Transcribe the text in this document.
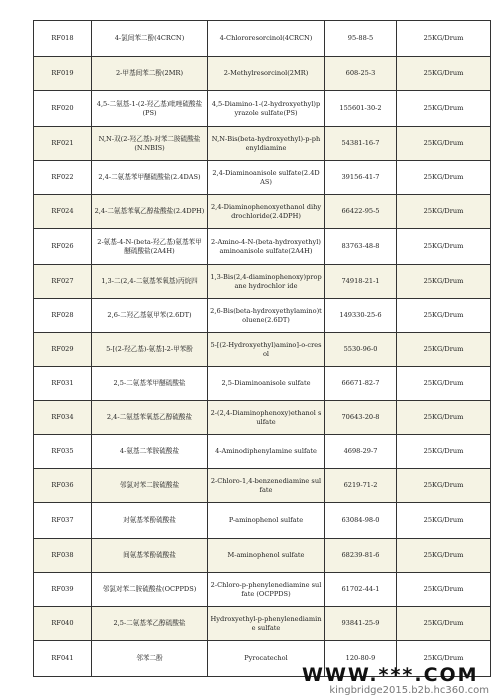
RF018	4-氯间苯二酚(4CRCN)	4-Chlororesorcinol(4CRCN)	95-88-5	25KG/Drum
RF019	2-甲基间苯二酚(2MR)	2-Methylresorcinol(2MR)	608-25-3	25KG/Drum
RF020	4,5-二氨基-1-(2-羟乙基)吡唑硫酸盐(PS)	4,5-Diamino-1-(2-hydroxyethyl)pyrazole sulfate(PS)	155601-30-2	25KG/Drum
RF021	N,N-双(2-羟乙基)-对苯二胺硫酸盐(N.NBIS)	N,N-Bis(beta-hydroxyethyl)-p-phenyldiamine	54381-16-7	25KG/Drum
RF022	2,4-二氨基苯甲醚硫酸盐(2.4DAS)	2,4-Diaminoanisole sulfate(2.4DAS)	39156-41-7	25KG/Drum
RF024	2,4-二氨基苯氧乙醇盐酸盐(2.4DPH)	2,4-Diaminophenoxyethanol dihydrochloride(2.4DPH)	66422-95-5	25KG/Drum
RF026	2-氨基-4-N-(beta-羟乙基)氨基苯甲醚硫酸盐(2A4H)	2-Amino-4-N-(beta-hydroxyethyl)aminoanisole sulfate(2A4H)	83763-48-8	25KG/Drum
RF027	1,3-二(2,4-二氨基苯氧基)丙烷四	1,3-Bis(2,4-diaminophenoxy)propane hydrochlor ide	74918-21-1	25KG/Drum
RF028	2,6-二羟乙基氨甲苯(2.6DT)	2,6-Bis(beta-hydroxyethylamino)toluene(2.6DT)	149330-25-6	25KG/Drum
RF029	5-[(2-羟乙基)-氨基]-2-甲苯酚	5-[(2-Hydroxyethyl)amino]-o-cresol	5530-96-0	25KG/Drum
RF031	2,5-二氨基苯甲醚硫酸盐	2,5-Diaminoanisole sulfate	66671-82-7	25KG/Drum
RF034	2,4-二氨基苯氧基乙醇硫酸盐	2-(2,4-Diaminophenoxy)ethanol sulfate	70643-20-8	25KG/Drum
RF035	4-氨基二苯胺硫酸盐	4-Aminodiphenylamine sulfate	4698-29-7	25KG/Drum
RF036	邻氯对苯二胺硫酸盐	2-Chloro-1,4-benzenediamine sulfate	6219-71-2	25KG/Drum
RF037	对氨基苯酚硫酸盐	P-aminophenol sulfate	63084-98-0	25KG/Drum
RF038	间氨基苯酚硫酸盐	M-aminophenol sulfate	68239-81-6	25KG/Drum
RF039	邻氯对苯二胺硫酸盐(OCPPDS)	2-Chloro-p-phenylenediamine sulfate (OCPPDS)	61702-44-1	25KG/Drum
RF040	2,5-二氨基苯乙醇硫酸盐	Hydroxyethyl-p-phenylenediamine sulfate	93841-25-9	25KG/Drum
RF041	邻苯二酚	Pyrocatechol	120-80-9	25KG/Drum
WWW.***.COM
kingbridge2015.b2b.hc360.com
